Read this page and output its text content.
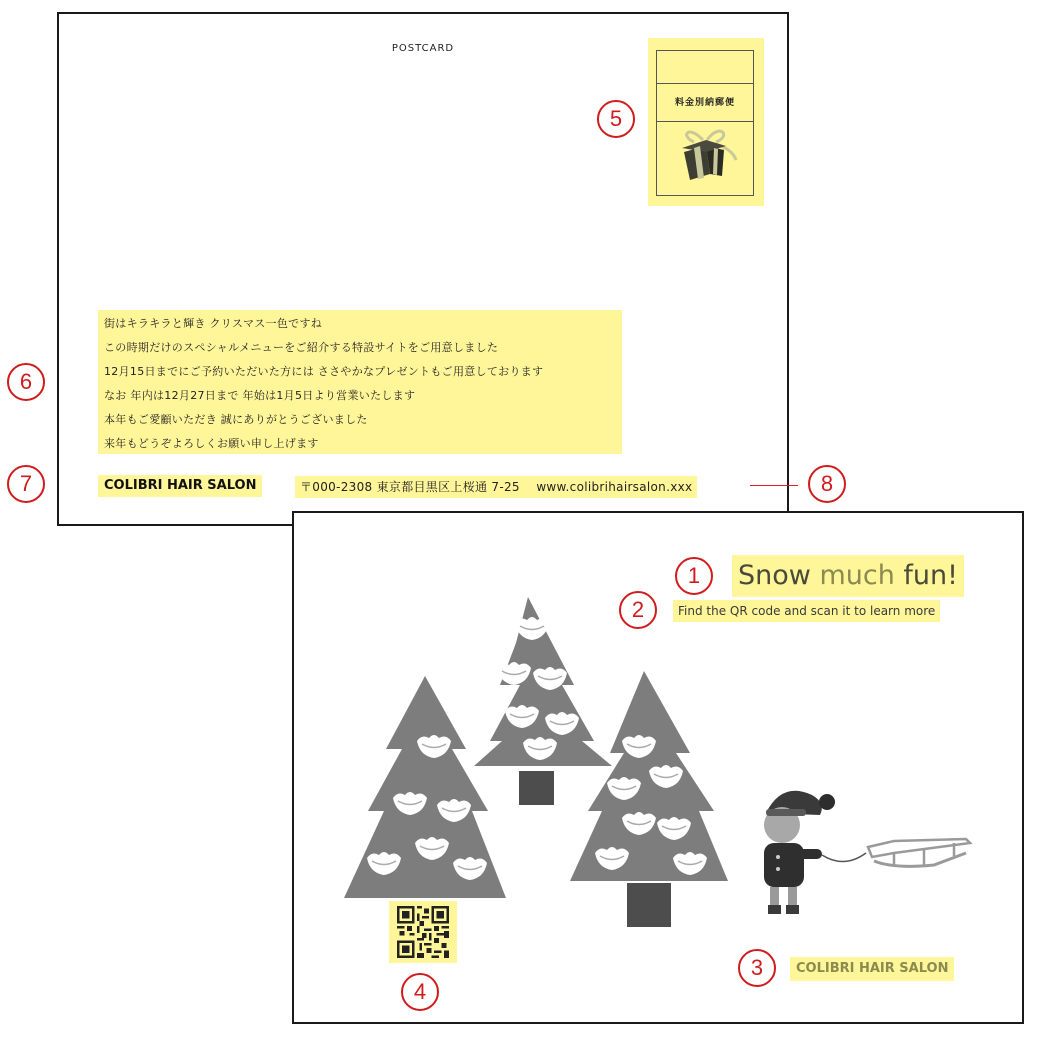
POSTCARD
料金別納郵便
街はキラキラと輝き クリスマス一色ですね
この時期だけのスペシャルメニューをご紹介する特設サイトをご用意しました
12月15日までにご予約いただいた方には ささやかなプレゼントもご用意しております
なお 年内は12月27日まで 年始は1月5日より営業いたします
本年もご愛顧いただき 誠にありがとうございました
来年もどうぞよろしくお願い申し上げます
COLIBRI HAIR SALON	〒000-2308 東京都目黒区上桜通 7-25 www.colibrihairsalon.xxx
Snow much fun!
Find the QR code and scan it to learn more
COLIBRI HAIR SALON
1
2
3
4
5
6
7	8
